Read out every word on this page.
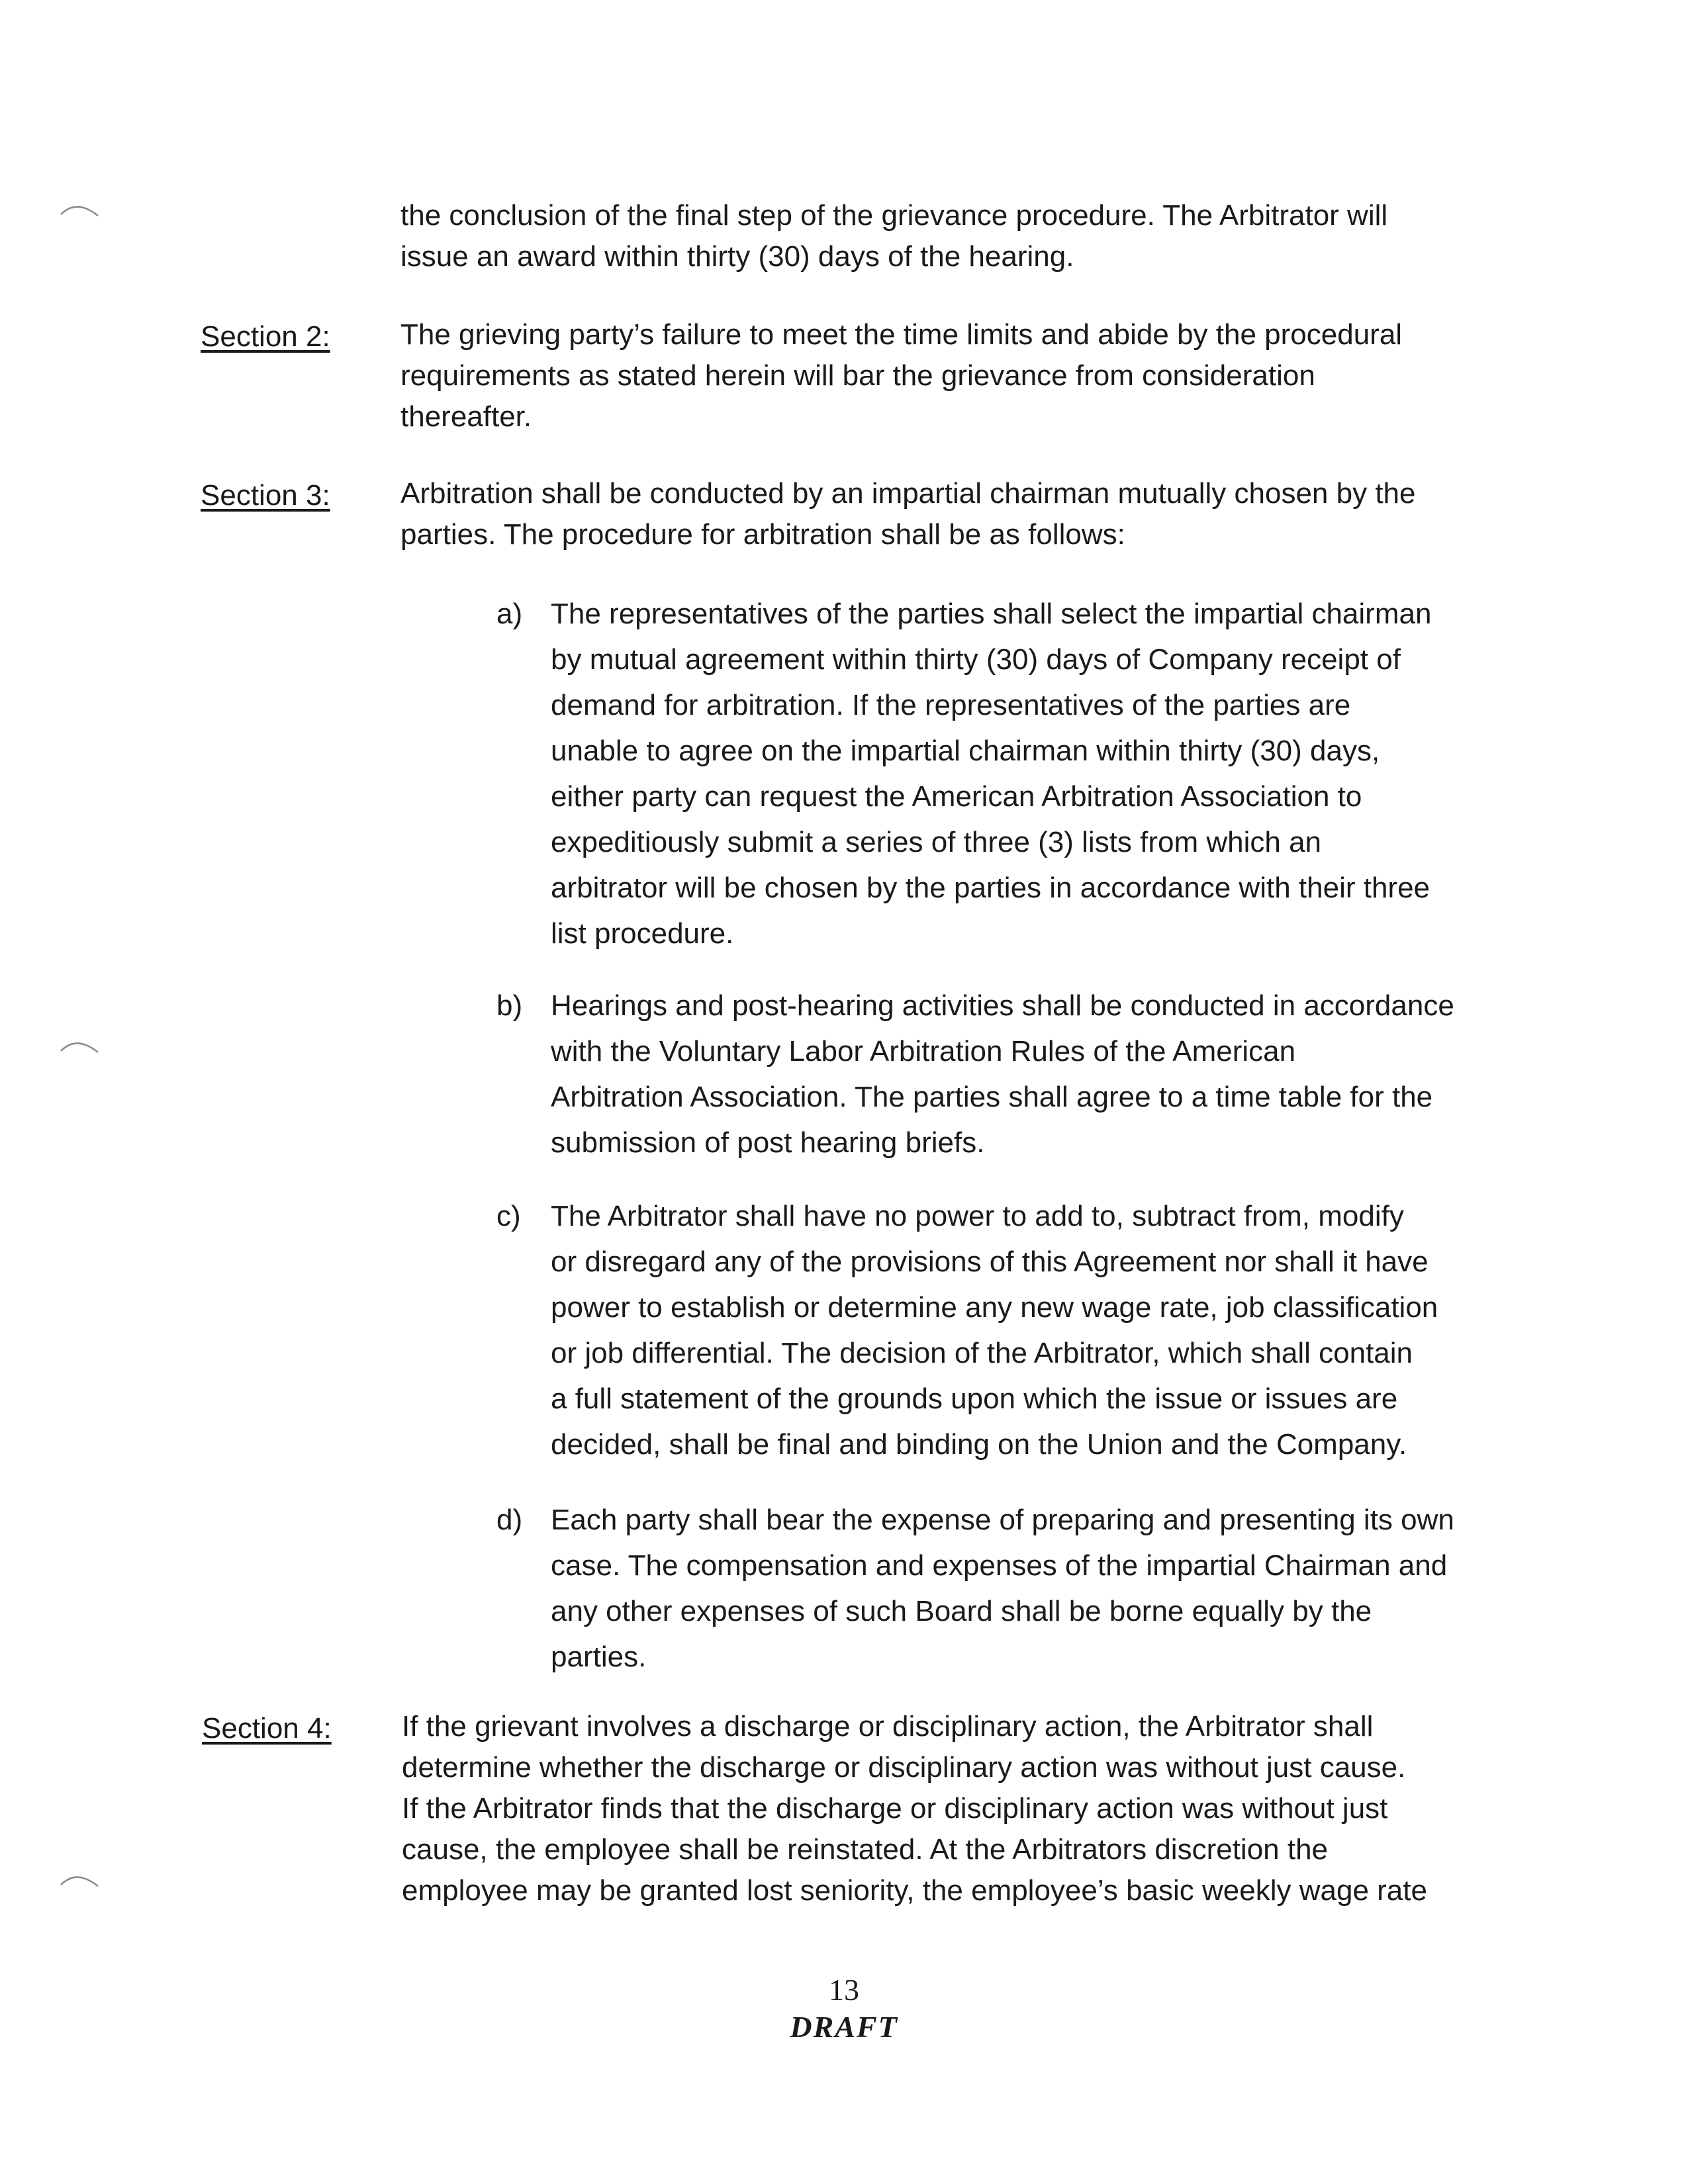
the conclusion of the final step of the grievance procedure. The Arbitrator will
issue an award within thirty (30) days of the hearing.
Section 2: The grieving party’s failure to meet the time limits and abide by the procedural
requirements as stated herein will bar the grievance from consideration
thereafter.
Section 3: Arbitration shall be conducted by an impartial chairman mutually chosen by the
parties. The procedure for arbitration shall be as follows:
a) The representatives of the parties shall select the impartial chairman
by mutual agreement within thirty (30) days of Company receipt of
demand for arbitration. If the representatives of the parties are
unable to agree on the impartial chairman within thirty (30) days,
either party can request the American Arbitration Association to
expeditiously submit a series of three (3) lists from which an
arbitrator will be chosen by the parties in accordance with their three
list procedure.
b) Hearings and post-hearing activities shall be conducted in accordance
with the Voluntary Labor Arbitration Rules of the American
Arbitration Association. The parties shall agree to a time table for the
submission of post hearing briefs.
c)	The Arbitrator shall have no power to add to, subtract from, modify
or disregard any of the provisions of this Agreement nor shall it have
power to establish or determine any new wage rate, job classification
or job differential. The decision of the Arbitrator, which shall contain
a full statement of the grounds upon which the issue or issues are
decided, shall be final and binding on the Union and the Company.
d) Each party shall bear the expense of preparing and presenting its own
case. The compensation and expenses of the impartial Chairman and
any other expenses of such Board shall be borne equally by the
parties.
Section 4: If the grievant involves a discharge or disciplinary action, the Arbitrator shall
determine whether the discharge or disciplinary action was without just cause.
If the Arbitrator finds that the discharge or disciplinary action was without just
cause, the employee shall be reinstated. At the Arbitrators discretion the
employee may be granted lost seniority, the employee’s basic weekly wage rate
13
DRAFT
